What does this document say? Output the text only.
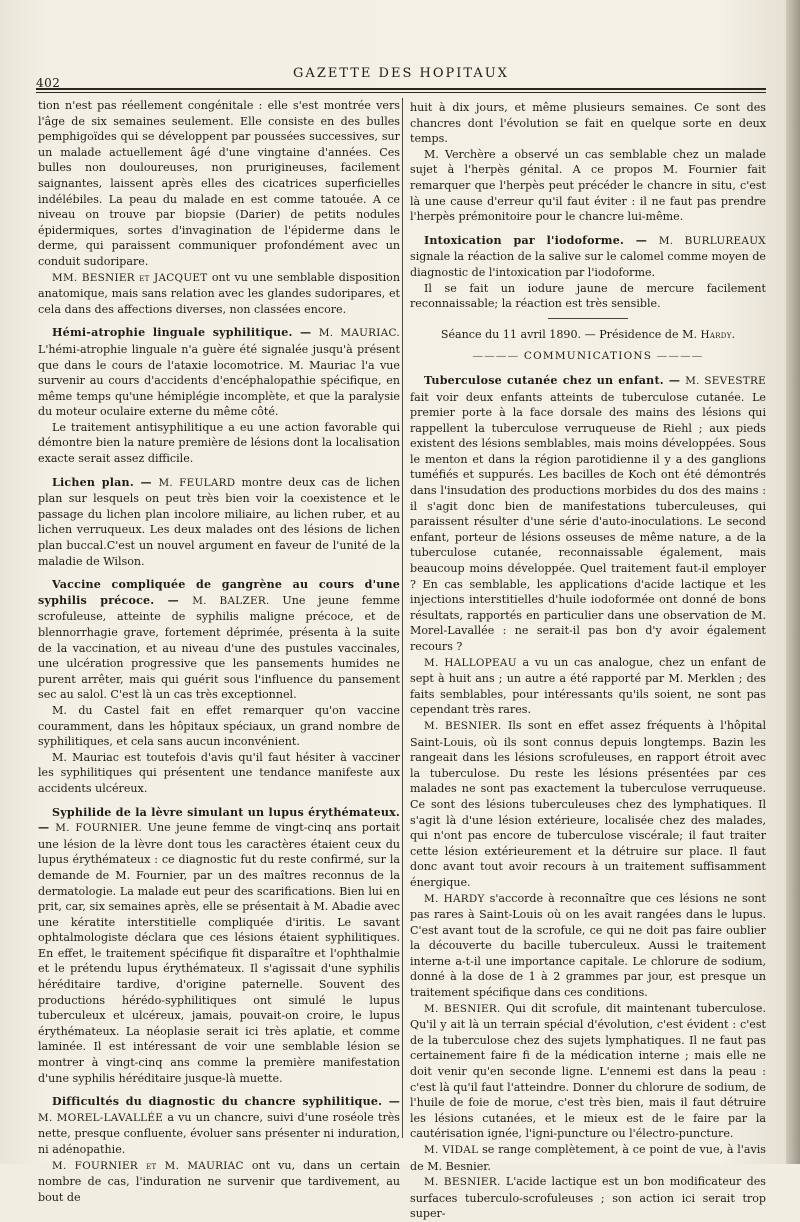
402
GAZETTE DES HOPITAUX

tion n'est pas réellement congénitale : elle s'est montrée vers l'âge de six semaines seulement. Elle consiste en des bulles pemphigoïdes qui se développent par poussées successives, sur un malade actuellement âgé d'une vingtaine d'années. Ces bulles non douloureuses, non prurigineuses, facilement saignantes, laissent après elles des cicatrices superficielles indélébiles. La peau du malade en est comme tatouée. A ce niveau on trouve par biopsie (Darier) de petits nodules épidermiques, sortes d'invagination de l'épiderme dans le derme, qui paraissent communiquer profondément avec un conduit sudoripare.

MM. BESNIER et JACQUET ont vu une semblable disposition anatomique, mais sans relation avec les glandes sudoripares, et cela dans des affections diverses, non classées encore.

Hémi-atrophie linguale syphilitique. — M. MAURIAC. L'hémi-atrophie linguale n'a guère été signalée jusqu'à présent que dans le cours de l'ataxie locomotrice. M. Mauriac l'a vue survenir au cours d'accidents d'encéphalopathie spécifique, en même temps qu'une hémiplégie incomplète, et que la paralysie du moteur oculaire externe du même côté.

Le traitement antisyphilitique a eu une action favorable qui démontre bien la nature première de lésions dont la localisation exacte serait assez difficile.

Lichen plan. — M. FEULARD montre deux cas de lichen plan sur lesquels on peut très bien voir la coexistence et le passage du lichen plan incolore miliaire, au lichen ruber, et au lichen verruqueux. Les deux malades ont des lésions de lichen plan buccal.C'est un nouvel argument en faveur de l'unité de la maladie de Wilson.

Vaccine compliquée de gangrène au cours d'une syphilis précoce. — M. BALZER. Une jeune femme scrofuleuse, atteinte de syphilis maligne précoce, et de blennorrhagie grave, fortement déprimée, présenta à la suite de la vaccination, et au niveau d'une des pustules vaccinales, une ulcération progressive que les pansements humides ne purent arrêter, mais qui guérit sous l'influence du pansement sec au salol. C'est là un cas très exceptionnel.

M. du Castel fait en effet remarquer qu'on vaccine couramment, dans les hôpitaux spéciaux, un grand nombre de syphilitiques, et cela sans aucun inconvénient.

M. Mauriac est toutefois d'avis qu'il faut hésiter à vacciner les syphilitiques qui présentent une tendance manifeste aux accidents ulcéreux.

Syphilide de la lèvre simulant un lupus érythémateux. — M. FOURNIER. Une jeune femme de vingt-cinq ans portait une lésion de la lèvre dont tous les caractères étaient ceux du lupus érythémateux : ce diagnostic fut du reste confirmé, sur la demande de M. Fournier, par un des maîtres reconnus de la dermatologie. La malade eut peur des scarifications. Bien lui en prit, car, six semaines après, elle se présentait à M. Abadie avec une kératite interstitielle compliquée d'iritis. Le savant ophtalmologiste déclara que ces lésions étaient syphilitiques. En effet, le traitement spécifique fit disparaître et l'ophthalmie et le prétendu lupus érythémateux. Il s'agissait d'une syphilis héréditaire tardive, d'origine paternelle. Souvent des productions hérédo-syphilitiques ont simulé le lupus tuberculeux et ulcéreux, jamais, pouvait-on croire, le lupus érythémateux. La néoplasie serait ici très aplatie, et comme laminée. Il est intéressant de voir une semblable lésion se montrer à vingt-cinq ans comme la première manifestation d'une syphilis héréditaire jusque-là muette.

Difficultés du diagnostic du chancre syphilitique. — M. MOREL-LAVALLÉE a vu un chancre, suivi d'une roséole très nette, presque confluente, évoluer sans présenter ni induration, ni adénopathie.

M. FOURNIER et M. MAURIAC ont vu, dans un certain nombre de cas, l'induration ne survenir que tardivement, au bout de

huit à dix jours, et même plusieurs semaines. Ce sont des chancres dont l'évolution se fait en quelque sorte en deux temps.

M. Verchère a observé un cas semblable chez un malade sujet à l'herpès génital. A ce propos M. Fournier fait remarquer que l'herpès peut précéder le chancre in situ, c'est là une cause d'erreur qu'il faut éviter : il ne faut pas prendre l'herpès prémonitoire pour le chancre lui-même.

Intoxication par l'iodoforme. — M. BURLUREAUX signale la réaction de la salive sur le calomel comme moyen de diagnostic de l'intoxication par l'iodoforme.

Il se fait un iodure jaune de mercure facilement reconnaissable; la réaction est très sensible.

Séance du 11 avril 1890. — Présidence de M. Hardy.

———— COMMUNICATIONS ————

Tuberculose cutanée chez un enfant. — M. SEVESTRE fait voir deux enfants atteints de tuberculose cutanée. Le premier porte à la face dorsale des mains des lésions qui rappellent la tuberculose verruqueuse de Riehl ; aux pieds existent des lésions semblables, mais moins développées. Sous le menton et dans la région parotidienne il y a des ganglions tuméfiés et suppurés. Les bacilles de Koch ont été démontrés dans l'insudation des productions morbides du dos des mains : il s'agit donc bien de manifestations tuberculeuses, qui paraissent résulter d'une série d'auto-inoculations. Le second enfant, porteur de lésions osseuses de même nature, a de la tuberculose cutanée, reconnaissable également, mais beaucoup moins développée. Quel traitement faut-il employer ? En cas semblable, les applications d'acide lactique et les injections interstitielles d'huile iodoformée ont donné de bons résultats, rapportés en particulier dans une observation de M. Morel-Lavallée : ne serait-il pas bon d'y avoir également recours ?

M. HALLOPEAU a vu un cas analogue, chez un enfant de sept à huit ans ; un autre a été rapporté par M. Merklen ; des faits semblables, pour intéressants qu'ils soient, ne sont pas cependant très rares.

M. BESNIER. Ils sont en effet assez fréquents à l'hôpital Saint-Louis, où ils sont connus depuis longtemps. Bazin les rangeait dans les lésions scrofuleuses, en rapport étroit avec la tuberculose. Du reste les lésions présentées par ces malades ne sont pas exactement la tuberculose verruqueuse. Ce sont des lésions tuberculeuses chez des lymphatiques. Il s'agit là d'une lésion extérieure, localisée chez des malades, qui n'ont pas encore de tuberculose viscérale; il faut traiter cette lésion extérieurement et la détruire sur place. Il faut donc avant tout avoir recours à un traitement suffisamment énergique.

M. HARDY s'accorde à reconnaître que ces lésions ne sont pas rares à Saint-Louis où on les avait rangées dans le lupus. C'est avant tout de la scrofule, ce qui ne doit pas faire oublier la découverte du bacille tuberculeux. Aussi le traitement interne a-t-il une importance capitale. Le chlorure de sodium, donné à la dose de 1 à 2 grammes par jour, est presque un traitement spécifique dans ces conditions.

M. BESNIER. Qui dit scrofule, dit maintenant tuberculose. Qu'il y ait là un terrain spécial d'évolution, c'est évident : c'est de la tuberculose chez des sujets lymphatiques. Il ne faut pas certainement faire fi de la médication interne ; mais elle ne doit venir qu'en seconde ligne. L'ennemi est dans la peau : c'est là qu'il faut l'atteindre. Donner du chlorure de sodium, de l'huile de foie de morue, c'est très bien, mais il faut détruire les lésions cutanées, et le mieux est de le faire par la cautérisation ignée, l'igni-puncture ou l'électro-puncture.

M. VIDAL se range complètement, à ce point de vue, à l'avis de M. Besnier.

M. BESNIER. L'acide lactique est un bon modificateur des surfaces tuberculo-scrofuleuses ; son action ici serait trop super-
